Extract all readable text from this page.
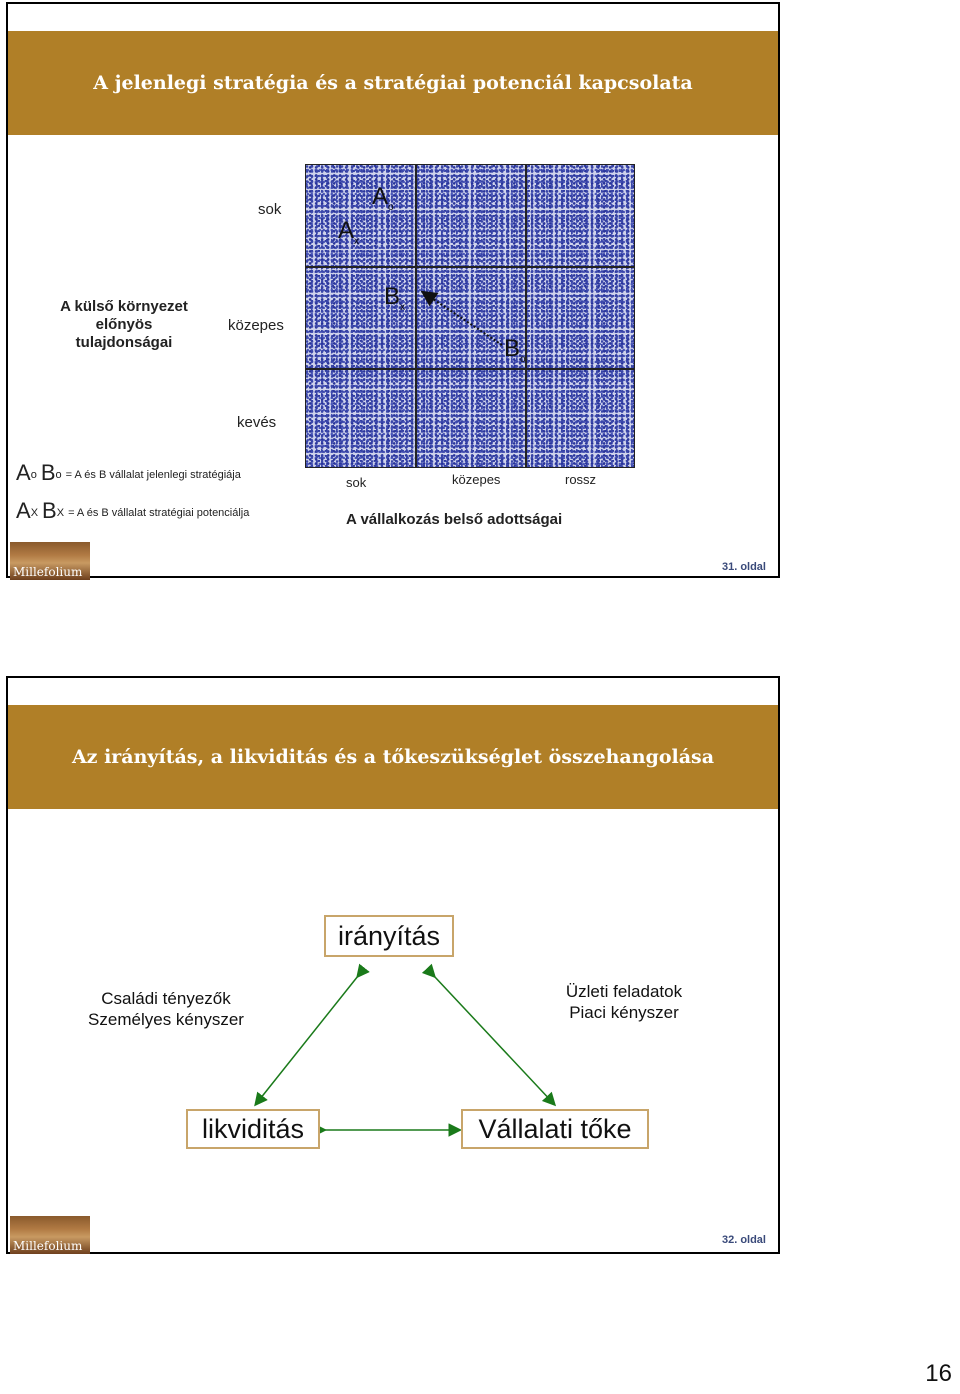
A jelenlegi stratégia és a stratégiai potenciál kapcsolata
A külső környezet
előnyös
tulajdonságai
sok
közepes
kevés
$A_o$
$A_x$
$B_x$
$B_o$
sok	közepes	rossz
A vállalkozás belső adottságai
Ao Bo = A és B vállalat jelenlegi stratégiája
AX BX = A és B vállalat stratégiai potenciálja
Millefolium	31. oldal
Az irányítás, a likviditás és a tőkeszükséglet összehangolása
irányítás
likviditás	Vállalati tőke
Családi tényezők
Személyes kényszer
Üzleti feladatok
Piaci kényszer
Millefolium	32. oldal
16
